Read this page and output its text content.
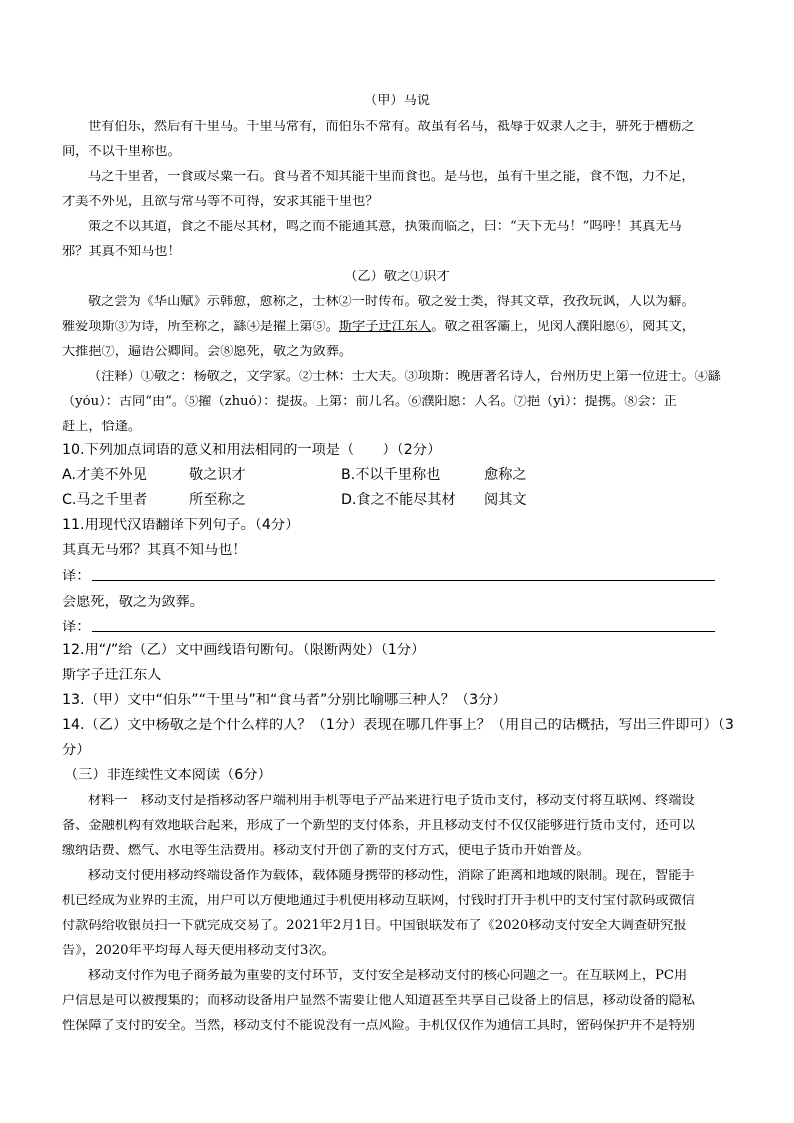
（甲）马说
世有伯乐，然后有千里马。千里马常有，而伯乐不常有。故虽有名马，祗辱于奴隶人之手，骈死于槽枥之
间，不以千里称也。
马之千里者，一食或尽粟一石。食马者不知其能千里而食也。是马也，虽有千里之能，食不饱，力不足，
才美不外见，且欲与常马等不可得，安求其能千里也？
策之不以其道，食之不能尽其材，鸣之而不能通其意，执策而临之，曰：“天下无马！”呜呼！其真无马
邪？其真不知马也！
（乙）敬之①识才
敬之尝为《华山赋》示韩愈，愈称之，士林②一时传布。敬之爱士类，得其文章，孜孜玩讽，人以为癖。
雅爱项斯③为诗，所至称之，繇④是擢上第⑤。斯字子迁江东人。敬之祖客灞上，见闵人濮阳愿⑥，阅其文，
大推挹⑦，遍语公卿间。会⑧愿死，敬之为敛葬。
（注释）①敬之：杨敬之，文学家。②士林：士大夫。③项斯：晚唐著名诗人，台州历史上第一位进士。④繇
（yóu）：古同“由”。⑤擢（zhuó）：提拔。上第：前几名。⑥濮阳愿：人名。⑦挹（yì）：提携。⑧会：正
赶上，恰逢。
10.下列加点词语的意义和用法相同的一项是（　　）（2分）
A.才美不外见	敬之识才	B.不以千里称也	愈称之
C.马之千里者	所至称之	D.食之不能尽其材 阅其文
11.用现代汉语翻译下列句子。（4分）
其真无马邪？其真不知马也！
译：
会愿死，敬之为敛葬。
译：
12.用“/”给（乙）文中画线语句断句。（限断两处）（1分）
斯字子迁江东人
13.（甲）文中“伯乐”“千里马”和“食马者”分别比喻哪三种人？（3分）
14.（乙）文中杨敬之是个什么样的人？（1分）表现在哪几件事上？（用自己的话概括，写出三件即可）（3
分）
（三）非连续性文本阅读（6分）
材料一　移动支付是指移动客户端利用手机等电子产品来进行电子货币支付，移动支付将互联网、终端设
备、金融机构有效地联合起来，形成了一个新型的支付体系，并且移动支付不仅仅能够进行货币支付，还可以
缴纳话费、燃气、水电等生活费用。移动支付开创了新的支付方式，使电子货币开始普及。
移动支付使用移动终端设备作为载体，载体随身携带的移动性，消除了距离和地域的限制。现在，智能手
机已经成为业界的主流，用户可以方便地通过手机使用移动互联网，付钱时打开手机中的支付宝付款码或微信
付款码给收银员扫一下就完成交易了。2021年2月1日。中国银联发布了《2020移动支付安全大调查研究报
告》，2020年平均每人每天使用移动支付3次。
移动支付作为电子商务最为重要的支付环节，支付安全是移动支付的核心问题之一。在互联网上，PC用
户信息是可以被搜集的；而移动设备用户显然不需要让他人知道甚至共享自己设备上的信息，移动设备的隐私
性保障了支付的安全。当然，移动支付不能说没有一点风险。手机仅仅作为通信工具时，密码保护并不是特别
